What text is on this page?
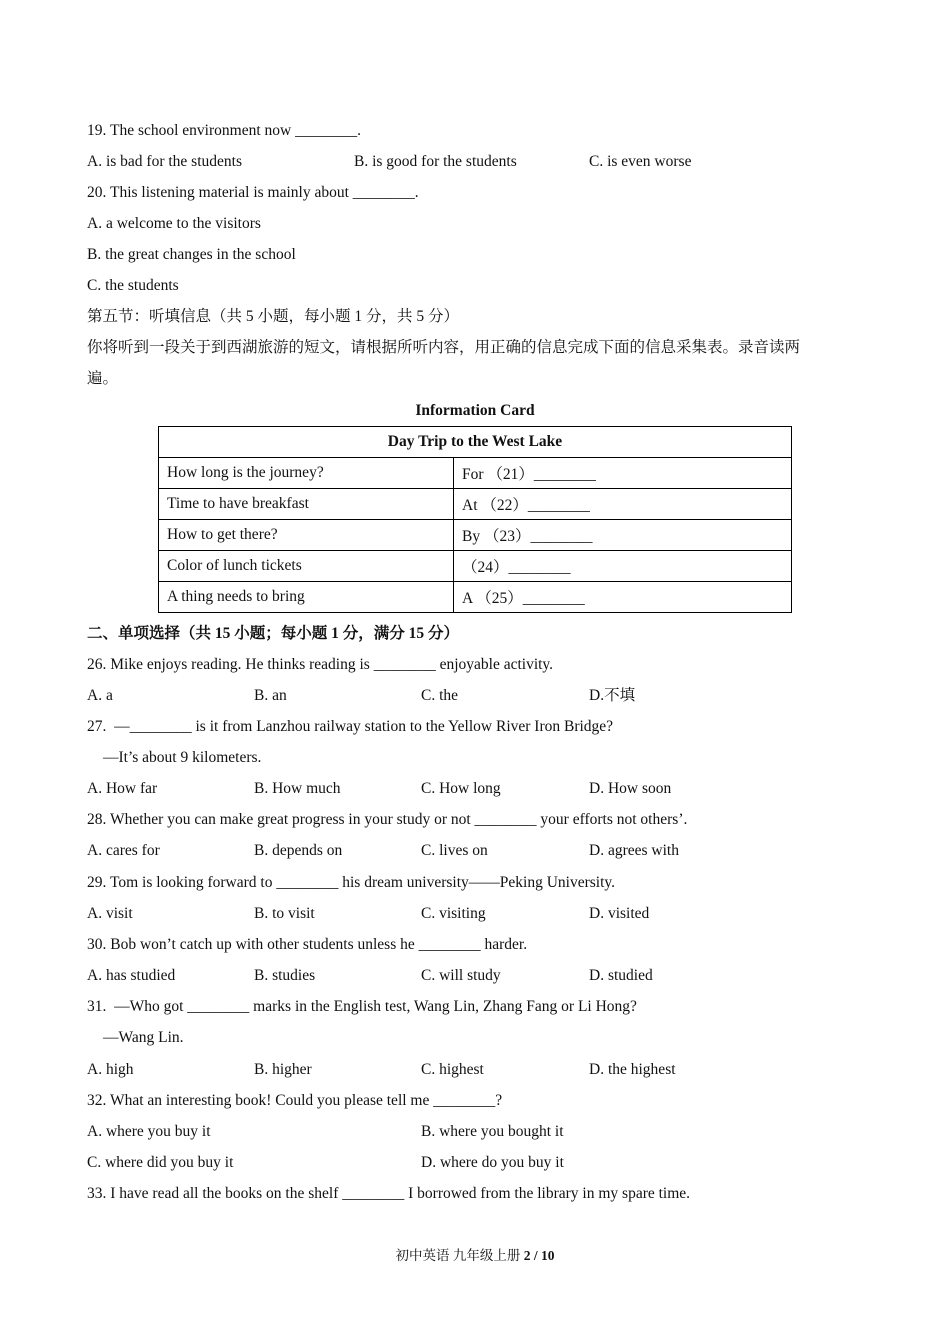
19. The school environment now ________.
A. is bad for the students	B. is good for the students	C. is even worse
20. This listening material is mainly about ________.
A. a welcome to the visitors
B. the great changes in the school
C. the students
第五节：听填信息（共 5 小题，每小题 1 分，共 5 分）
你将听到一段关于到西湖旅游的短文，请根据所听内容，用正确的信息完成下面的信息采集表。录音读两
遍。
Information Card
Day Trip to the West Lake	
How long is the journey?	For （21）________
Time to have breakfast	At （22）________
How to get there?	By （23）________
Color of lunch tickets	（24）________
A thing needs to bring	A （25）________
二、单项选择（共 15 小题；每小题 1 分，满分 15 分）
26. Mike enjoys reading. He thinks reading is ________ enjoyable activity.
A. a	B. an	C. the	D.不填
27.  —________ is it from Lanzhou railway station to the Yellow River Iron Bridge?
—It’s about 9 kilometers.
A. How far	B. How much	C. How long	D. How soon
28. Whether you can make great progress in your study or not ________ your efforts not others’.
A. cares for	B. depends on	C. lives on	D. agrees with
29. Tom is looking forward to ________ his dream university——Peking University.
A. visit	B. to visit	C. visiting	D. visited
30. Bob won’t catch up with other students unless he ________ harder.
A. has studied	B. studies	C. will study	D. studied
31.  —Who got ________ marks in the English test, Wang Lin, Zhang Fang or Li Hong?
—Wang Lin.
A. high	B. higher	C. highest	D. the highest
32. What an interesting book! Could you please tell me ________?
A. where you buy it	B. where you bought it
C. where did you buy it	D. where do you buy it
33. I have read all the books on the shelf ________ I borrowed from the library in my spare time.
初中英语 九年级上册 2 / 10
